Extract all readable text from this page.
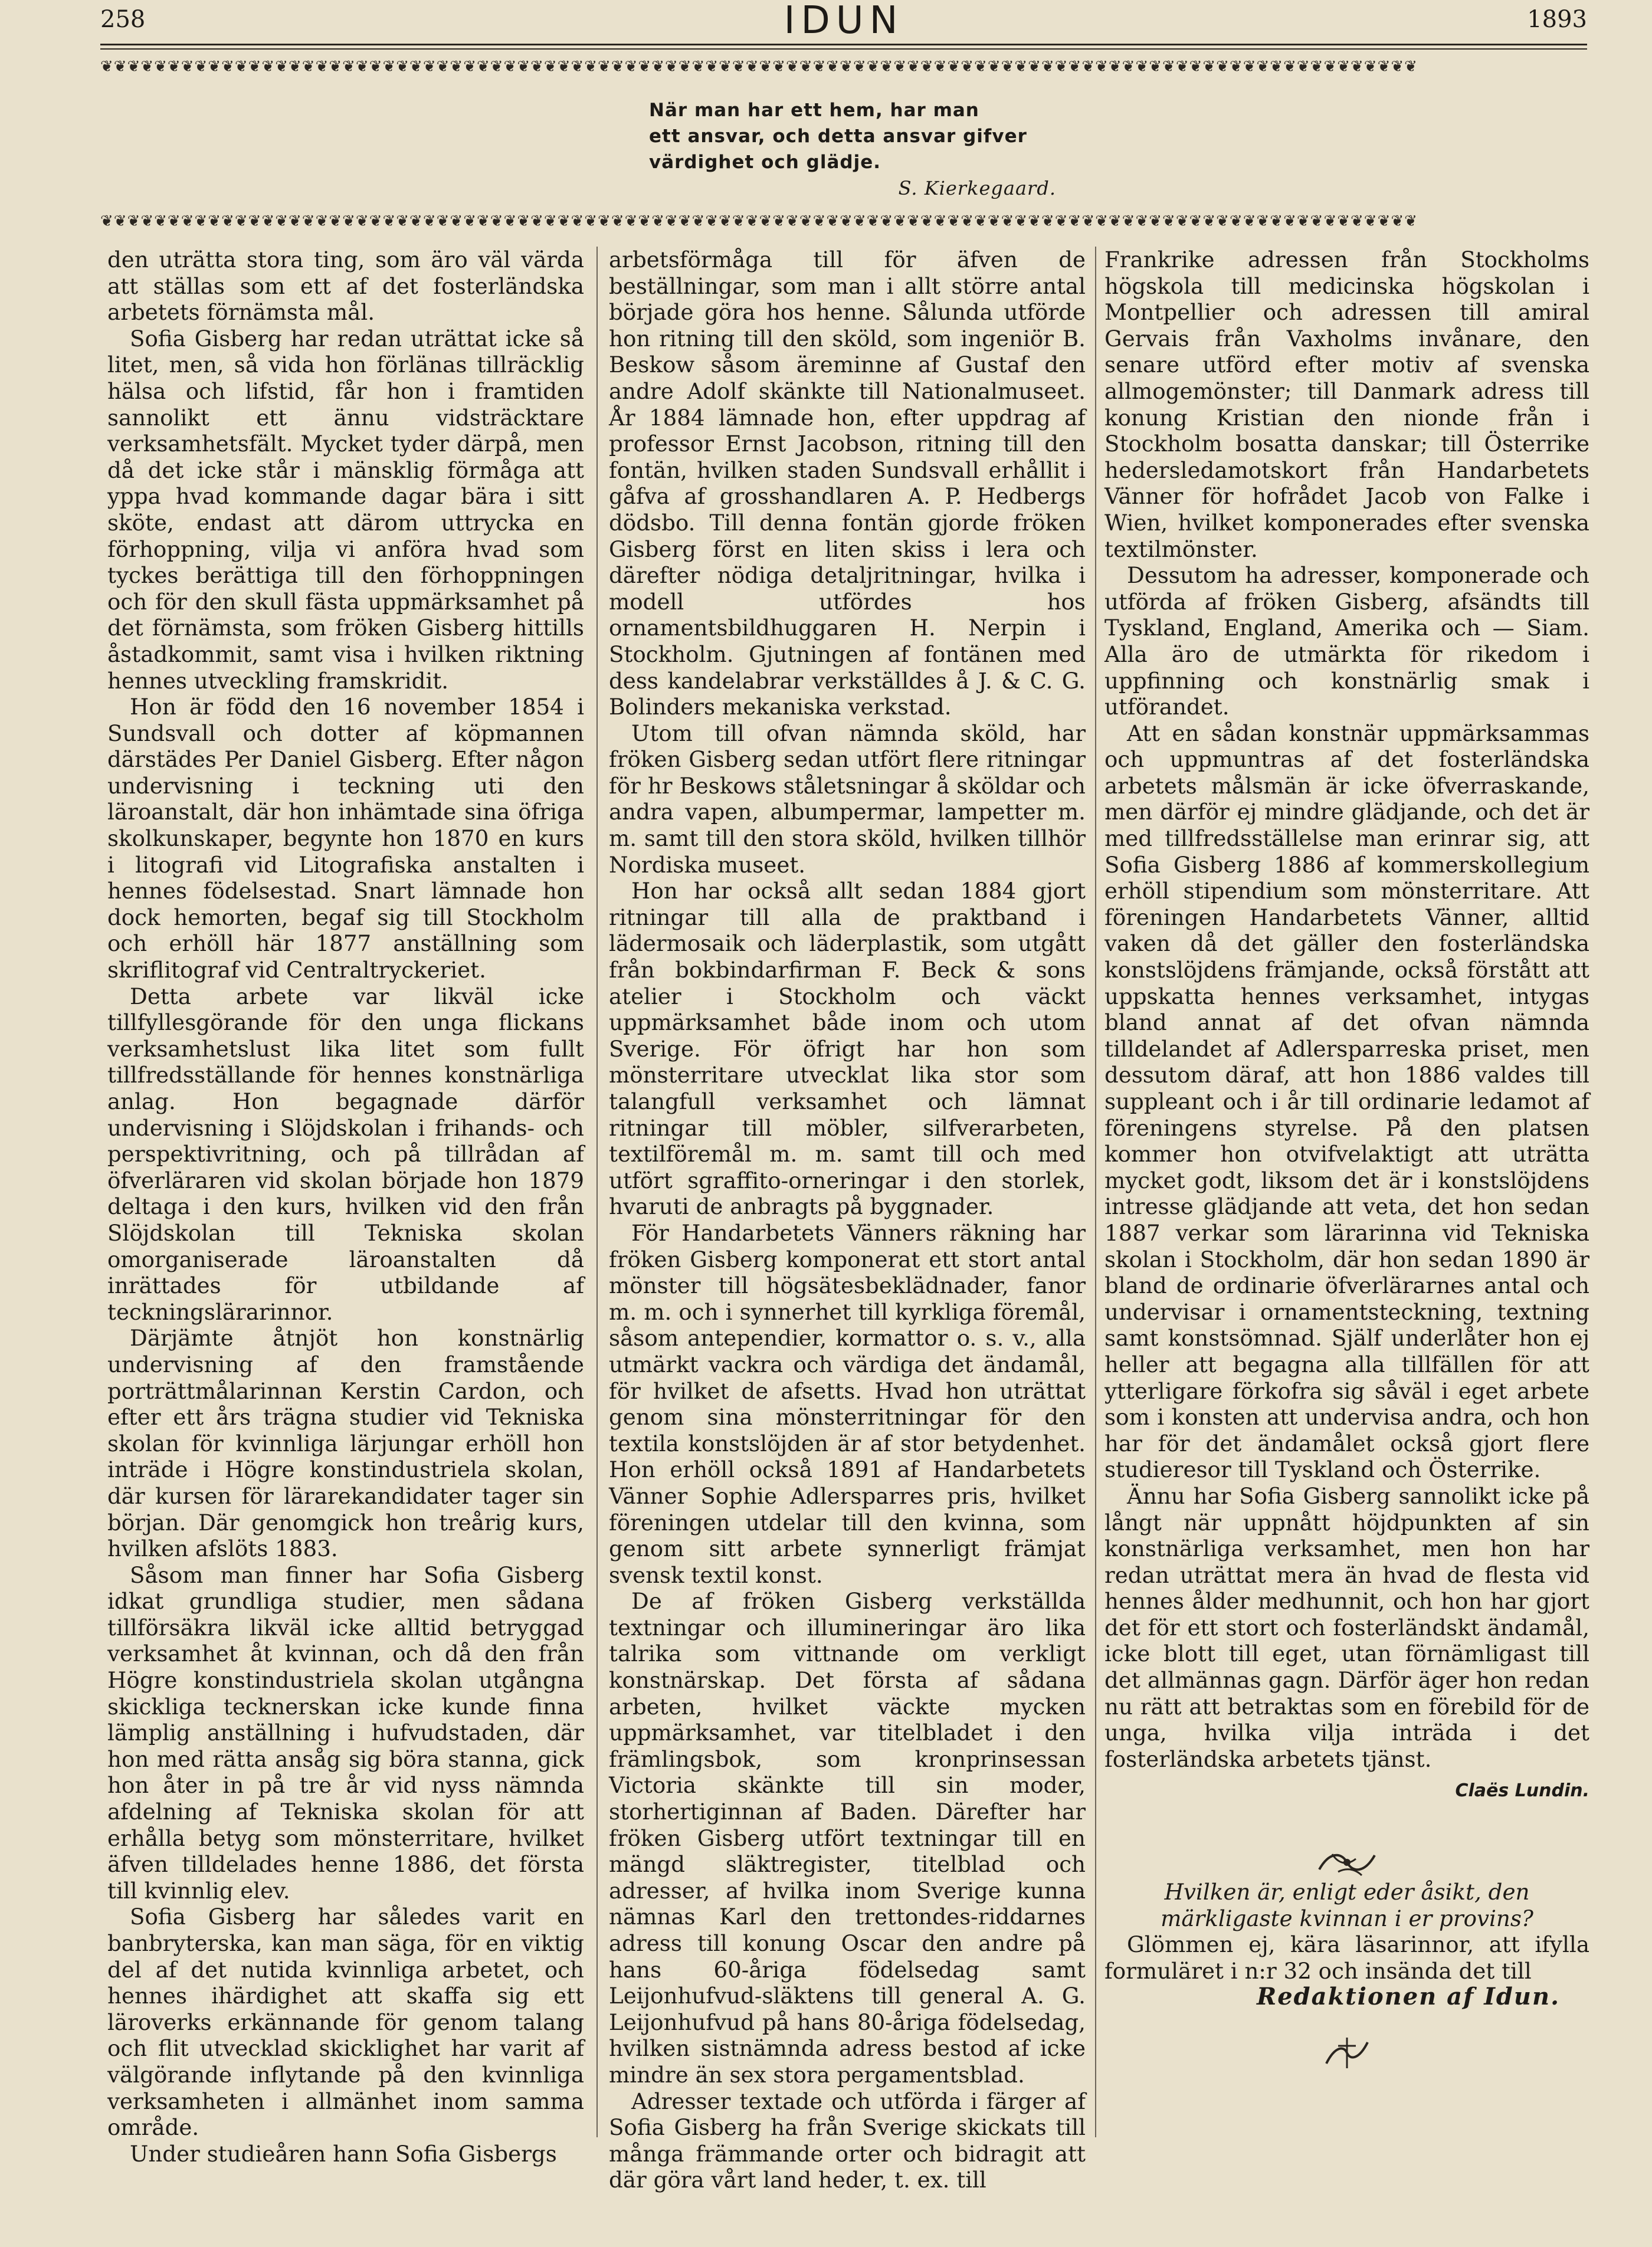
258	IDUN	1893
❦❦❦❦❦❦❦❦❦❦❦❦❦❦❦❦❦❦❦❦❦❦❦❦❦❦❦❦❦❦❦❦❦❦❦❦❦❦❦❦❦❦❦❦❦❦❦❦❦❦❦❦❦❦❦❦❦❦❦❦❦❦❦❦❦❦❦❦❦❦❦❦❦❦❦❦❦❦❦❦❦❦❦❦❦❦❦❦❦❦❦❦❦❦❦❦❦❦
När man har ett hem, har man
ett ansvar, och detta ansvar gifver
värdighet och glädje.
S. Kierkegaard.
❦❦❦❦❦❦❦❦❦❦❦❦❦❦❦❦❦❦❦❦❦❦❦❦❦❦❦❦❦❦❦❦❦❦❦❦❦❦❦❦❦❦❦❦❦❦❦❦❦❦❦❦❦❦❦❦❦❦❦❦❦❦❦❦❦❦❦❦❦❦❦❦❦❦❦❦❦❦❦❦❦❦❦❦❦❦❦❦❦❦❦❦❦❦❦❦❦❦

den uträtta stora ting, som äro väl värda att ställas som ett af det fosterländska arbetets förnämsta mål.

Sofia Gisberg har redan uträttat icke så litet, men, så vida hon förlänas tillräcklig hälsa och lifstid, får hon i framtiden sannolikt ett ännu vidsträcktare verksamhetsfält. Mycket tyder därpå, men då det icke står i mänsklig förmåga att yppa hvad kommande dagar bära i sitt sköte, endast att därom uttrycka en förhoppning, vilja vi anföra hvad som tyckes berättiga till den förhoppningen och för den skull fästa uppmärksamhet på det förnämsta, som fröken Gisberg hittills åstadkommit, samt visa i hvilken riktning hennes utveckling framskridit.

Hon är född den 16 november 1854 i Sundsvall och dotter af köpmannen därstädes Per Daniel Gisberg. Efter någon undervisning i teckning uti den läroanstalt, där hon inhämtade sina öfriga skolkunskaper, begynte hon 1870 en kurs i litografi vid Litografiska anstalten i hennes födelsestad. Snart lämnade hon dock hemorten, begaf sig till Stockholm och erhöll här 1877 anställning som skriflitograf vid Centraltryckeriet.

Detta arbete var likväl icke tillfyllesgörande för den unga flickans verksamhetslust lika litet som fullt tillfredsställande för hennes konstnärliga anlag. Hon begagnade därför undervisning i Slöjdskolan i frihands- och perspektivritning, och på tillrådan af öfverläraren vid skolan började hon 1879 deltaga i den kurs, hvilken vid den från Slöjdskolan till Tekniska skolan omorganiserade läroanstalten då inrättades för utbildande af teckningslärarinnor.

Därjämte åtnjöt hon konstnärlig undervisning af den framstående porträttmålarinnan Kerstin Cardon, och efter ett års trägna studier vid Tekniska skolan för kvinnliga lärjungar erhöll hon inträde i Högre konstindustriela skolan, där kursen för lärarekandidater tager sin början. Där genomgick hon treårig kurs, hvilken afslöts 1883.

Såsom man finner har Sofia Gisberg idkat grundliga studier, men sådana tillförsäkra likväl icke alltid betryggad verksamhet åt kvinnan, och då den från Högre konstindustriela skolan utgångna skickliga tecknerskan icke kunde finna lämplig anställning i hufvudstaden, där hon med rätta ansåg sig böra stanna, gick hon åter in på tre år vid nyss nämnda afdelning af Tekniska skolan för att erhålla betyg som mönsterritare, hvilket äfven tilldelades henne 1886, det första till kvinnlig elev.

Sofia Gisberg har således varit en banbryterska, kan man säga, för en viktig del af det nutida kvinnliga arbetet, och hennes ihärdighet att skaffa sig ett läroverks erkännande för genom talang och flit utvecklad skicklighet har varit af välgörande inflytande på den kvinnliga verksamheten i allmänhet inom samma område.

Under studieåren hann Sofia Gisbergs

arbetsförmåga till för äfven de beställningar, som man i allt större antal började göra hos henne. Sålunda utförde hon ritning till den sköld, som ingeniör B. Beskow såsom äreminne af Gustaf den andre Adolf skänkte till Nationalmuseet. År 1884 lämnade hon, efter uppdrag af professor Ernst Jacobson, ritning till den fontän, hvilken staden Sundsvall erhållit i gåfva af grosshandlaren A. P. Hedbergs dödsbo. Till denna fontän gjorde fröken Gisberg först en liten skiss i lera och därefter nödiga detaljritningar, hvilka i modell utfördes hos ornamentsbildhuggaren H. Nerpin i Stockholm. Gjutningen af fontänen med dess kandelabrar verkställdes å J. & C. G. Bolinders mekaniska verkstad.

Utom till ofvan nämnda sköld, har fröken Gisberg sedan utfört flere ritningar för hr Beskows ståletsningar å sköldar och andra vapen, albumpermar, lampetter m. m. samt till den stora sköld, hvilken tillhör Nordiska museet.

Hon har också allt sedan 1884 gjort ritningar till alla de praktband i lädermosaik och läderplastik, som utgått från bokbindarfirman F. Beck & sons atelier i Stockholm och väckt uppmärksamhet både inom och utom Sverige. För öfrigt har hon som mönsterritare utvecklat lika stor som talangfull verksamhet och lämnat ritningar till möbler, silfverarbeten, textilföremål m. m. samt till och med utfört sgraffito-orneringar i den storlek, hvaruti de anbragts på byggnader.

För Handarbetets Vänners räkning har fröken Gisberg komponerat ett stort antal mönster till högsätesbeklädnader, fanor m. m. och i synnerhet till kyrkliga föremål, såsom antependier, kormattor o. s. v., alla utmärkt vackra och värdiga det ändamål, för hvilket de afsetts. Hvad hon uträttat genom sina mönsterritningar för den textila konstslöjden är af stor betydenhet. Hon erhöll också 1891 af Handarbetets Vänner Sophie Adlersparres pris, hvilket föreningen utdelar till den kvinna, som genom sitt arbete synnerligt främjat svensk textil konst.

De af fröken Gisberg verkställda textningar och illumineringar äro lika talrika som vittnande om verkligt konstnärskap. Det första af sådana arbeten, hvilket väckte mycken uppmärksamhet, var titelbladet i den främlingsbok, som kronprinsessan Victoria skänkte till sin moder, storhertiginnan af Baden. Därefter har fröken Gisberg utfört textningar till en mängd släktregister, titelblad och adresser, af hvilka inom Sverige kunna nämnas Karl den trettondes-riddarnes adress till konung Oscar den andre på hans 60-åriga födelsedag samt Leijonhufvud-släktens till general A. G. Leijonhufvud på hans 80-åriga födelsedag, hvilken sistnämnda adress bestod af icke mindre än sex stora pergamentsblad.

Adresser textade och utförda i färger af Sofia Gisberg ha från Sverige skickats till många främmande orter och bidragit att där göra vårt land heder, t. ex. till

Frankrike adressen från Stockholms högskola till medicinska högskolan i Montpellier och adressen till amiral Gervais från Vaxholms invånare, den senare utförd efter motiv af svenska allmogemönster; till Danmark adress till konung Kristian den nionde från i Stockholm bosatta danskar; till Österrike hedersledamotskort från Handarbetets Vänner för hofrådet Jacob von Falke i Wien, hvilket komponerades efter svenska textilmönster.

Dessutom ha adresser, komponerade och utförda af fröken Gisberg, afsändts till Tyskland, England, Amerika och — Siam. Alla äro de utmärkta för rikedom i uppfinning och konstnärlig smak i utförandet.

Att en sådan konstnär uppmärksammas och uppmuntras af det fosterländska arbetets målsmän är icke öfverraskande, men därför ej mindre glädjande, och det är med tillfredsställelse man erinrar sig, att Sofia Gisberg 1886 af kommerskollegium erhöll stipendium som mönsterritare. Att föreningen Handarbetets Vänner, alltid vaken då det gäller den fosterländska konstslöjdens främjande, också förstått att uppskatta hennes verksamhet, intygas bland annat af det ofvan nämnda tilldelandet af Adlersparreska priset, men dessutom däraf, att hon 1886 valdes till suppleant och i år till ordinarie ledamot af föreningens styrelse. På den platsen kommer hon otvifvelaktigt att uträtta mycket godt, liksom det är i konstslöjdens intresse glädjande att veta, det hon sedan 1887 verkar som lärarinna vid Tekniska skolan i Stockholm, där hon sedan 1890 är bland de ordinarie öfverlärarnes antal och undervisar i ornamentsteckning, textning samt konstsömnad. Själf underlåter hon ej heller att begagna alla tillfällen för att ytterligare förkofra sig såväl i eget arbete som i konsten att undervisa andra, och hon har för det ändamålet också gjort flere studieresor till Tyskland och Österrike.

Ännu har Sofia Gisberg sannolikt icke på långt när uppnått höjdpunkten af sin konstnärliga verksamhet, men hon har redan uträttat mera än hvad de flesta vid hennes ålder medhunnit, och hon har gjort det för ett stort och fosterländskt ändamål, icke blott till eget, utan förnämligast till det allmännas gagn. Därför äger hon redan nu rätt att betraktas som en förebild för de unga, hvilka vilja inträda i det fosterländska arbetets tjänst.

Claës Lundin.

Hvilken är, enligt eder åsikt, den märkligaste kvinnan i er provins?

Glömmen ej, kära läsarinnor, att ifylla formuläret i n:r 32 och insända det till

Redaktionen af Idun.
